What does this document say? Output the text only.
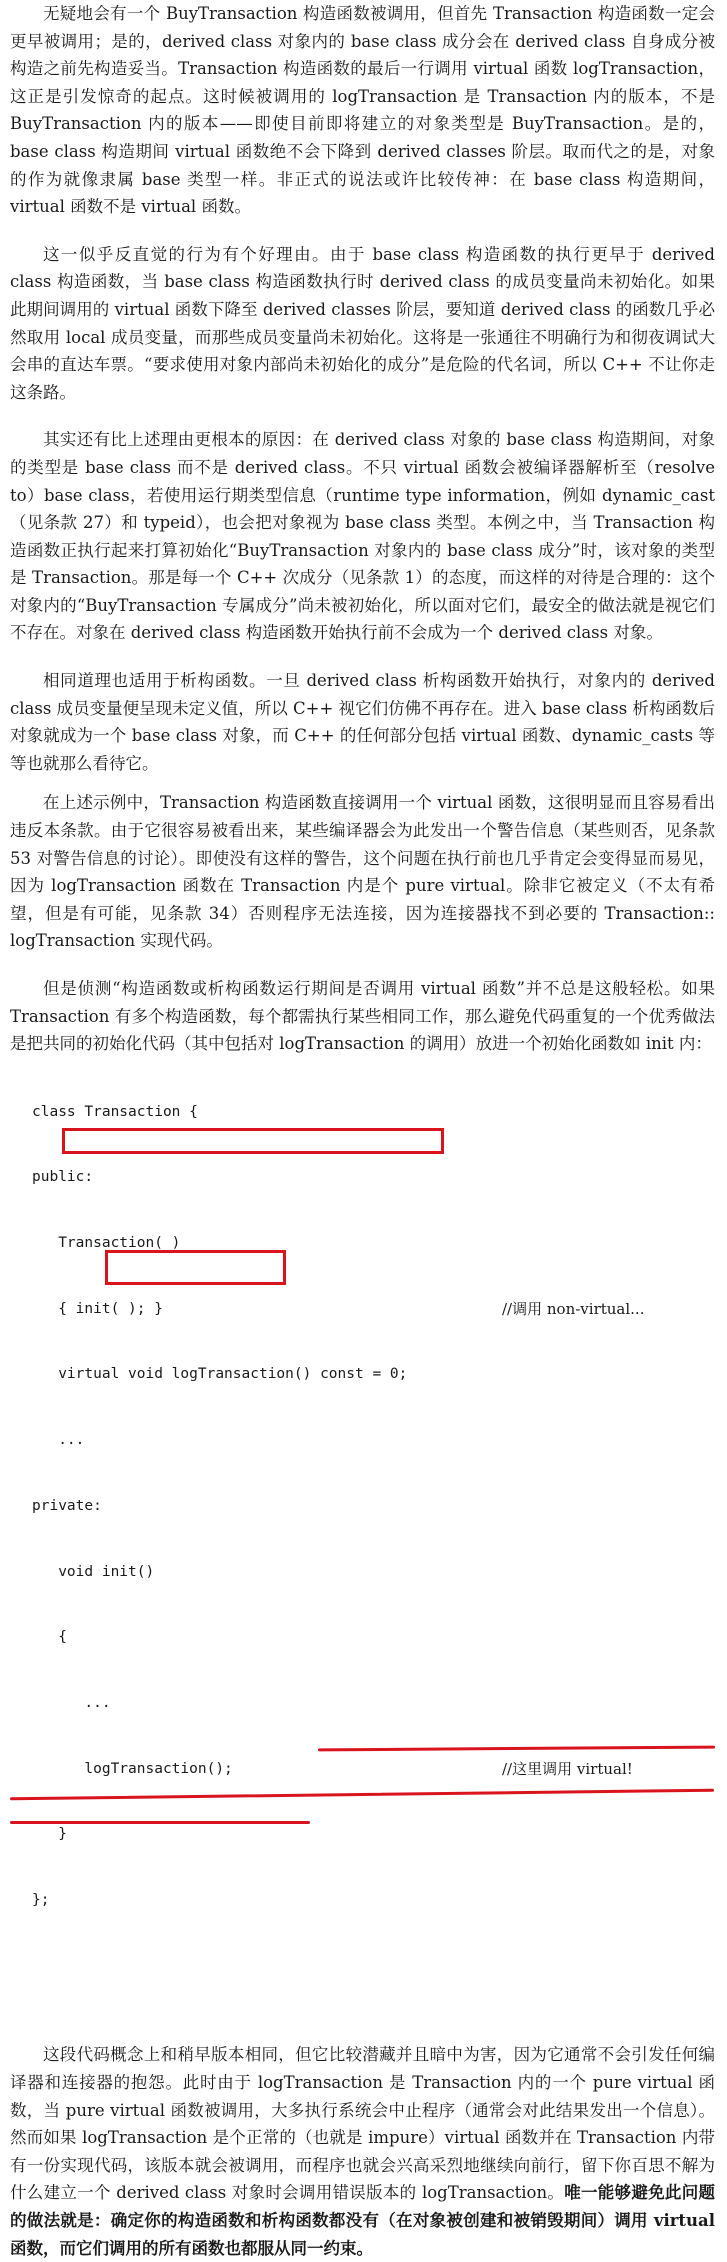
无疑地会有一个 BuyTransaction 构造函数被调用，但首先 Transaction 构造函数一定会更早被调用；是的，derived class 对象内的 base class 成分会在 derived class 自身成分被构造之前先构造妥当。Transaction 构造函数的最后一行调用 virtual 函数 logTransaction，这正是引发惊奇的起点。这时候被调用的 logTransaction 是 Transaction 内的版本，不是 BuyTransaction 内的版本——即使目前即将建立的对象类型是 BuyTransaction。是的，base class 构造期间 virtual 函数绝不会下降到 derived classes 阶层。取而代之的是，对象的作为就像隶属 base 类型一样。非正式的说法或许比较传神：在 base class 构造期间，virtual 函数不是 virtual 函数。

这一似乎反直觉的行为有个好理由。由于 base class 构造函数的执行更早于 derived class 构造函数，当 base class 构造函数执行时 derived class 的成员变量尚未初始化。如果此期间调用的 virtual 函数下降至 derived classes 阶层，要知道 derived class 的函数几乎必然取用 local 成员变量，而那些成员变量尚未初始化。这将是一张通往不明确行为和彻夜调试大会串的直达车票。“要求使用对象内部尚未初始化的成分”是危险的代名词，所以 C++ 不让你走这条路。

其实还有比上述理由更根本的原因：在 derived class 对象的 base class 构造期间，对象的类型是 base class 而不是 derived class。不只 virtual 函数会被编译器解析至（resolve to）base class，若使用运行期类型信息（runtime type information，例如 dynamic_cast（见条款 27）和 typeid），也会把对象视为 base class 类型。本例之中，当 Transaction 构造函数正执行起来打算初始化“BuyTransaction 对象内的 base class 成分”时，该对象的类型是 Transaction。那是每一个 C++ 次成分（见条款 1）的态度，而这样的对待是合理的：这个对象内的“BuyTransaction 专属成分”尚未被初始化，所以面对它们，最安全的做法就是视它们不存在。对象在 derived class 构造函数开始执行前不会成为一个 derived class 对象。

相同道理也适用于析构函数。一旦 derived class 析构函数开始执行，对象内的 derived class 成员变量便呈现未定义值，所以 C++ 视它们仿佛不再存在。进入 base class 析构函数后对象就成为一个 base class 对象，而 C++ 的任何部分包括 virtual 函数、dynamic_casts 等等也就那么看待它。

在上述示例中，Transaction 构造函数直接调用一个 virtual 函数，这很明显而且容易看出违反本条款。由于它很容易被看出来，某些编译器会为此发出一个警告信息（某些则否，见条款 53 对警告信息的讨论）。即使没有这样的警告，这个问题在执行前也几乎肯定会变得显而易见，因为 logTransaction 函数在 Transaction 内是个 pure virtual。除非它被定义（不太有希望，但是有可能，见条款 34）否则程序无法连接，因为连接器找不到必要的 Transaction:: logTransaction 实现代码。

但是侦测“构造函数或析构函数运行期间是否调用 virtual 函数”并不总是这般轻松。如果 Transaction 有多个构造函数，每个都需执行某些相同工作，那么避免代码重复的一个优秀做法是把共同的初始化代码（其中包括对 logTransaction 的调用）放进一个初始化函数如 init 内：

class Transaction {

public:

Transaction( )

{ init( ); }	//调用 non-virtual...

virtual void logTransaction() const = 0;

...

private:

void init()

{

...

logTransaction();	//这里调用 virtual!

}

};

这段代码概念上和稍早版本相同，但它比较潜藏并且暗中为害，因为它通常不会引发任何编译器和连接器的抱怨。此时由于 logTransaction 是 Transaction 内的一个 pure virtual 函数，当 pure virtual 函数被调用，大多执行系统会中止程序（通常会对此结果发出一个信息）。然而如果 logTransaction 是个正常的（也就是 impure）virtual 函数并在 Transaction 内带有一份实现代码，该版本就会被调用，而程序也就会兴高采烈地继续向前行，留下你百思不解为什么建立一个 derived class 对象时会调用错误版本的 logTransaction。唯一能够避免此问题的做法就是：确定你的构造函数和析构函数都没有（在对象被创建和被销毁期间）调用 virtual 函数，而它们调用的所有函数也都服从同一约束。
